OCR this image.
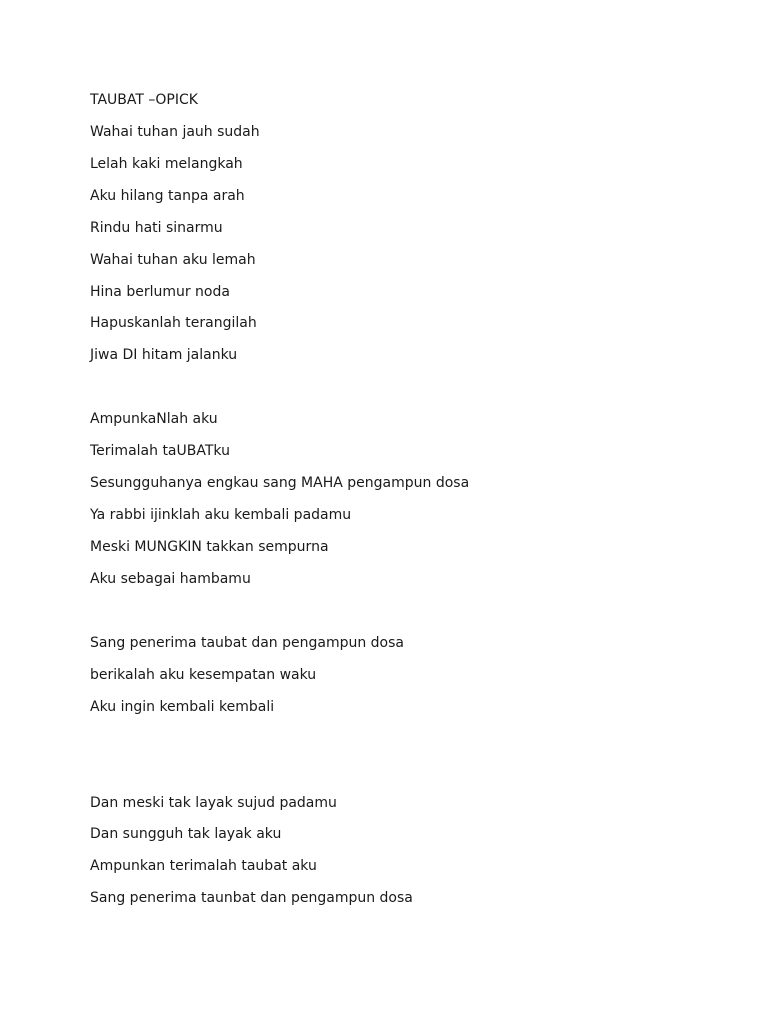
TAUBAT –OPICK

Wahai tuhan jauh sudah

Lelah kaki melangkah

Aku hilang tanpa arah

Rindu hati sinarmu

Wahai tuhan aku lemah

Hina berlumur noda

Hapuskanlah terangilah

Jiwa DI hitam jalanku

AmpunkaNlah aku

Terimalah taUBATku

Sesungguhanya engkau sang MAHA pengampun dosa

Ya rabbi ijinklah aku kembali padamu

Meski MUNGKIN takkan sempurna

Aku sebagai hambamu

Sang penerima taubat dan pengampun dosa

berikalah aku kesempatan waku

Aku ingin kembali kembali

Dan meski tak layak sujud padamu

Dan sungguh tak layak aku

Ampunkan terimalah taubat aku

Sang penerima taunbat dan pengampun dosa
